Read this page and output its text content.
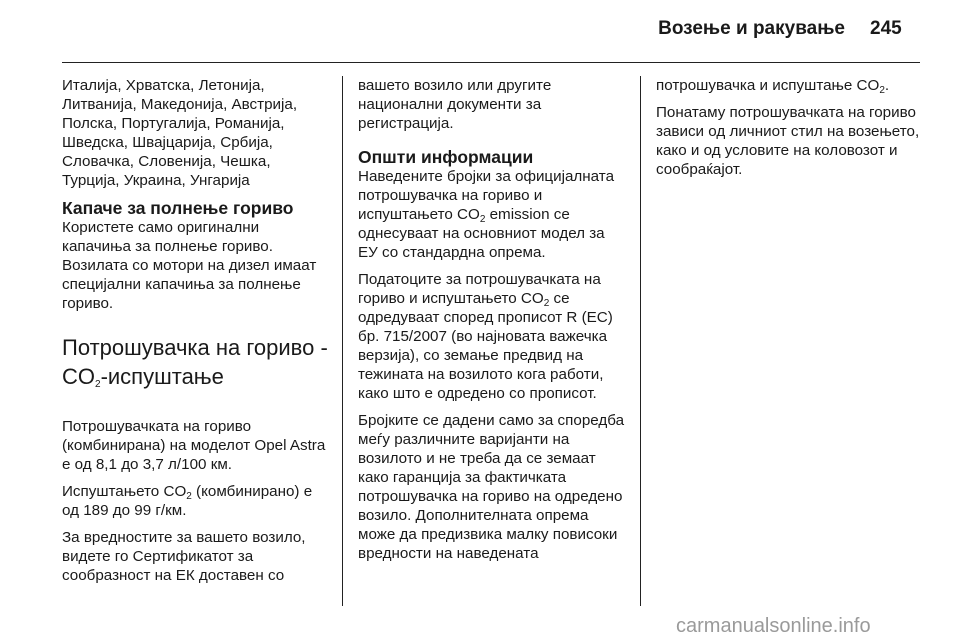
Возење и ракување 245

Италија, Хрватска, Летонија, Литванија, Македонија, Австрија, Полска, Португалија, Романија, Шведска, Швајцарија, Србија, Словачка, Словенија, Чешка, Турција, Украина, Унгарија

Капаче за полнење гориво

Користете само оригинални капачиња за полнење гориво. Возилата со мотори на дизел имаат специјални капачиња за полнење гориво.

Потрошувачка на гориво - $CO_2$-испуштање

Потрошувачката на гориво (комбинирана) на моделот Opel Astra е од 8,1 до 3,7 л/100 км.

Испуштањето $CO_2$ (комбинирано) е од 189 до 99 г/км.

За вредностите за вашето возило, видете го Сертификатот за сообразност на ЕК доставен со

вашето возило или другите национални документи за регистрација.

Општи информации

Наведените бројки за официјалната потрошувачка на гориво и испуштањето $CO_2$ emission се однесуваат на основниот модел за ЕУ со стандардна опрема.

Податоците за потрошувачката на гориво и испуштањето $CO_2$ се одредуваат според прописот R (ЕС) бр. 715/2007 (во најновата важечка верзија), со земање предвид на тежината на возилото кога работи, како што е одредено со прописот.

Бројките се дадени само за споредба меѓу различните варијанти на возилото и не треба да се земаат како гаранција за фактичката потрошувачка на гориво на одредено возило. Дополнителната опрема може да предизвика малку повисоки вредности на наведената

потрошувачка и испуштање $CO_2$.

Понатаму потрошувачката на гориво зависи од личниот стил на возењето, како и од условите на коловозот и сообраќајот.

carmanualsonline.info
